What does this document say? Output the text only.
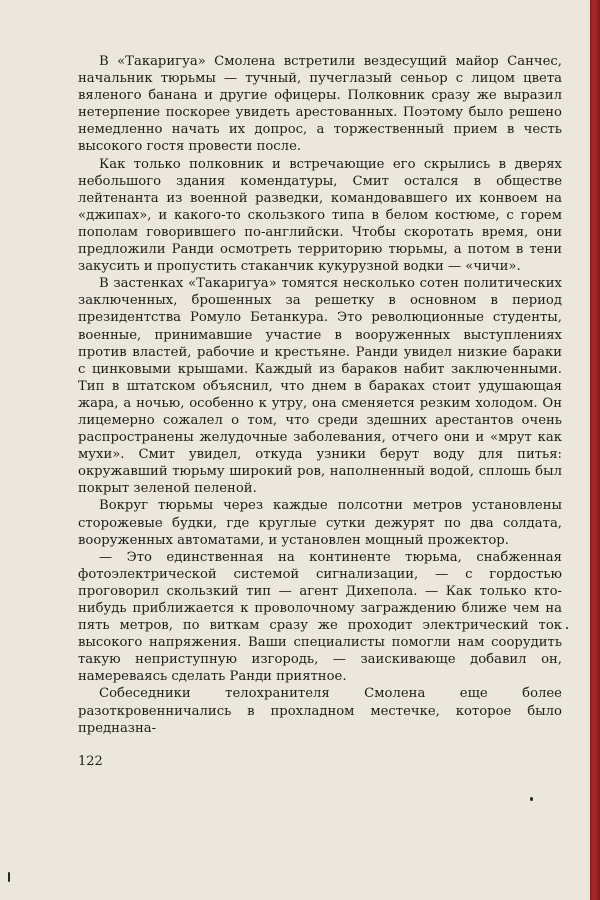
В «Такаригуа» Смолена встретили вездесущий майор Санчес, начальник тюрьмы — тучный, пучеглазый сеньор с лицом цвета вяленого банана и другие офицеры. Полковник сразу же выразил нетерпение поскорее увидеть арестованных. Поэтому было решено немедленно начать их допрос, а торжественный прием в честь высокого гостя провести после.

Как только полковник и встречающие его скрылись в дверях небольшого здания комендатуры, Смит остался в обществе лейтенанта из военной разведки, командовавшего их конвоем на «джипах», и какого-то скользкого типа в белом костюме, с горем пополам говорившего по-английски. Чтобы скоротать время, они предложили Ранди осмотреть территорию тюрьмы, а потом в тени закусить и пропустить стаканчик кукурузной водки — «чичи».

В застенках «Такаригуа» томятся несколько сотен политических заключенных, брошенных за решетку в основном в период президентства Ромуло Бетанкура. Это революционные студенты, военные, принимавшие участие в вооруженных выступлениях против властей, рабочие и крестьяне. Ранди увидел низкие бараки с цинковыми крышами. Каждый из бараков набит заключенными. Тип в штатском объяснил, что днем в бараках стоит удушающая жара, а ночью, особенно к утру, она сменяется резким холодом. Он лицемерно сожалел о том, что среди здешних арестантов очень распространены желудочные заболевания, отчего они и «мрут как мухи». Смит увидел, откуда узники берут воду для питья: окружавший тюрьму широкий ров, наполненный водой, сплошь был покрыт зеленой пеленой.

Вокруг тюрьмы через каждые полсотни метров установлены сторожевые будки, где круглые сутки дежурят по два солдата, вооруженных автоматами, и установлен мощный прожектор.

— Это единственная на континенте тюрьма, снабженная фотоэлектрической системой сигнализации, — с гордостью проговорил скользкий тип — агент Дихепола. — Как только кто-нибудь приближается к проволочному заграждению ближе чем на пять метров, по виткам сразу же проходит электрический ток высокого напряжения. Ваши специалисты помогли нам соорудить такую неприступную изгородь, — заискивающе добавил он, намереваясь сделать Ранди приятное.

Собеседники телохранителя Смолена еще более разоткровенничались в прохладном местечке, которое было предназна-

122
